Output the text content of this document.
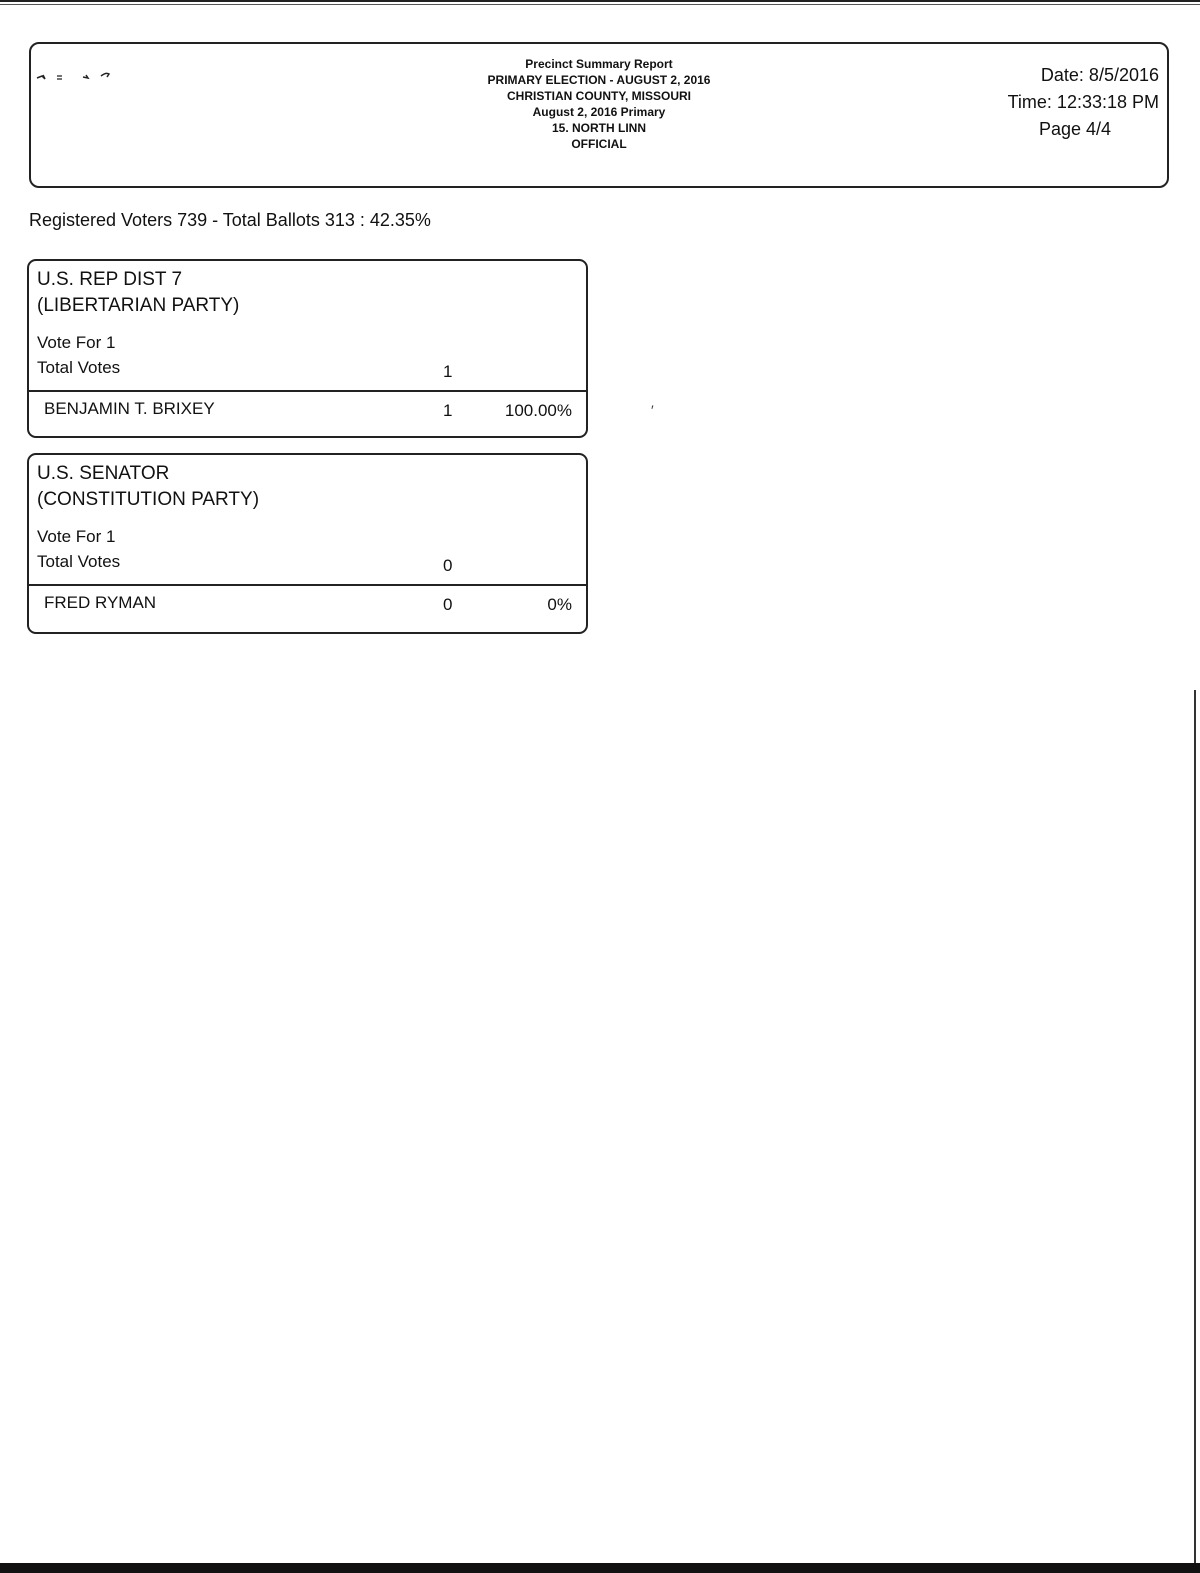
Precinct Summary Report
PRIMARY ELECTION - AUGUST 2, 2016
CHRISTIAN COUNTY, MISSOURI
August 2, 2016 Primary
15. NORTH LINN
OFFICIAL
Date: 8/5/2016
Time: 12:33:18 PM
Page 4/4
Registered Voters 739 - Total Ballots 313 : 42.35%
U.S. REP DIST 7
(LIBERTARIAN PARTY)
Vote For 1
Total Votes	1
BENJAMIN T. BRIXEY	1	100.00%	′
U.S. SENATOR
(CONSTITUTION PARTY)
Vote For 1
Total Votes	0
FRED RYMAN	0	0%
